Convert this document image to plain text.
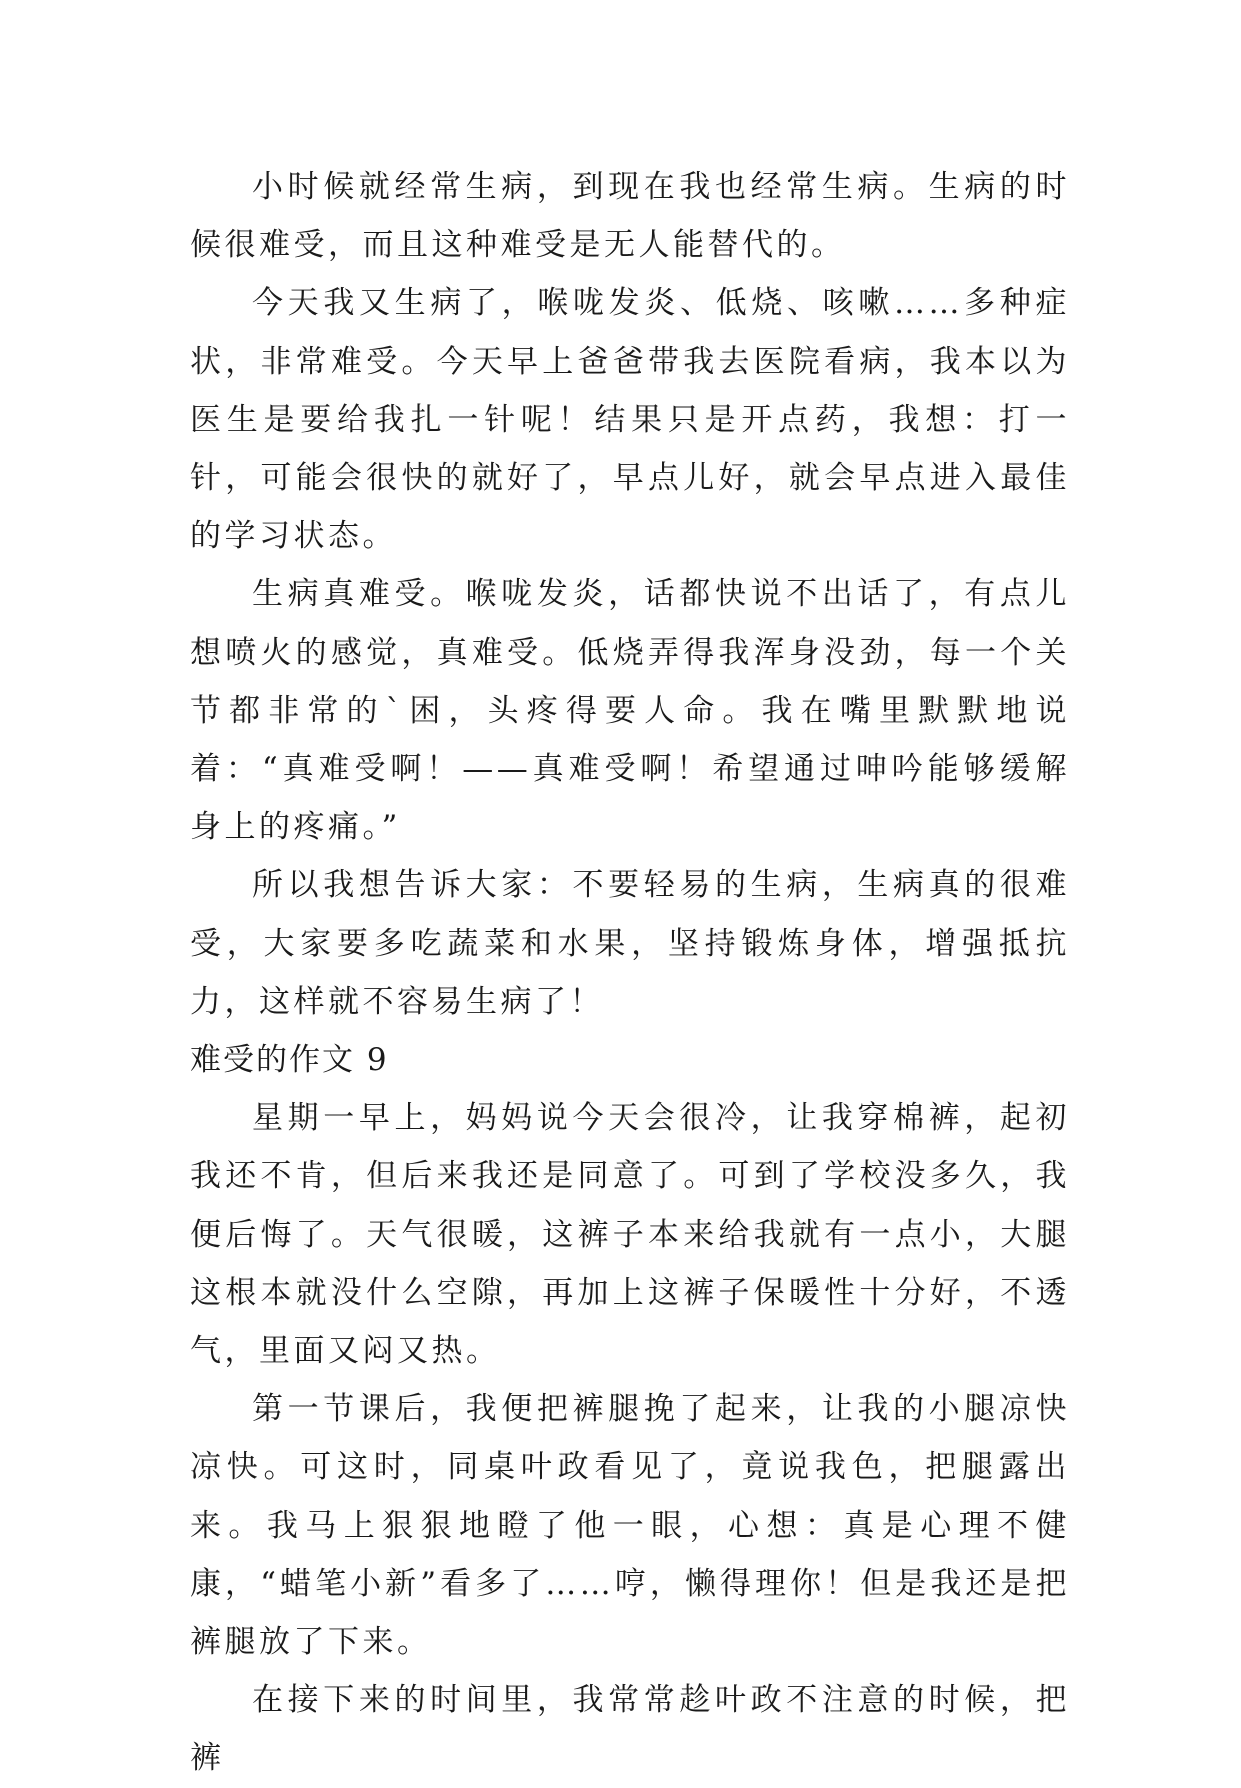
小时候就经常生病，到现在我也经常生病。生病的时候很难受，而且这种难受是无人能替代的。

今天我又生病了，喉咙发炎、低烧、咳嗽……多种症状，非常难受。今天早上爸爸带我去医院看病，我本以为医生是要给我扎一针呢！结果只是开点药，我想：打一针，可能会很快的就好了，早点儿好，就会早点进入最佳的学习状态。

生病真难受。喉咙发炎，话都快说不出话了，有点儿想喷火的感觉，真难受。低烧弄得我浑身没劲，每一个关节都非常的`困，头疼得要人命。我在嘴里默默地说着：“真难受啊！——真难受啊！希望通过呻吟能够缓解身上的疼痛。”

所以我想告诉大家：不要轻易的生病，生病真的很难受，大家要多吃蔬菜和水果，坚持锻炼身体，增强抵抗力，这样就不容易生病了！

难受的作文 9

星期一早上，妈妈说今天会很冷，让我穿棉裤，起初我还不肯，但后来我还是同意了。可到了学校没多久，我便后悔了。天气很暖，这裤子本来给我就有一点小，大腿这根本就没什么空隙，再加上这裤子保暖性十分好，不透气，里面又闷又热。

第一节课后，我便把裤腿挽了起来，让我的小腿凉快凉快。可这时，同桌叶政看见了，竟说我色，把腿露出来。我马上狠狠地瞪了他一眼，心想：真是心理不健康，“蜡笔小新”看多了……哼，懒得理你！但是我还是把裤腿放了下来。

在接下来的时间里，我常常趁叶政不注意的时候，把裤
